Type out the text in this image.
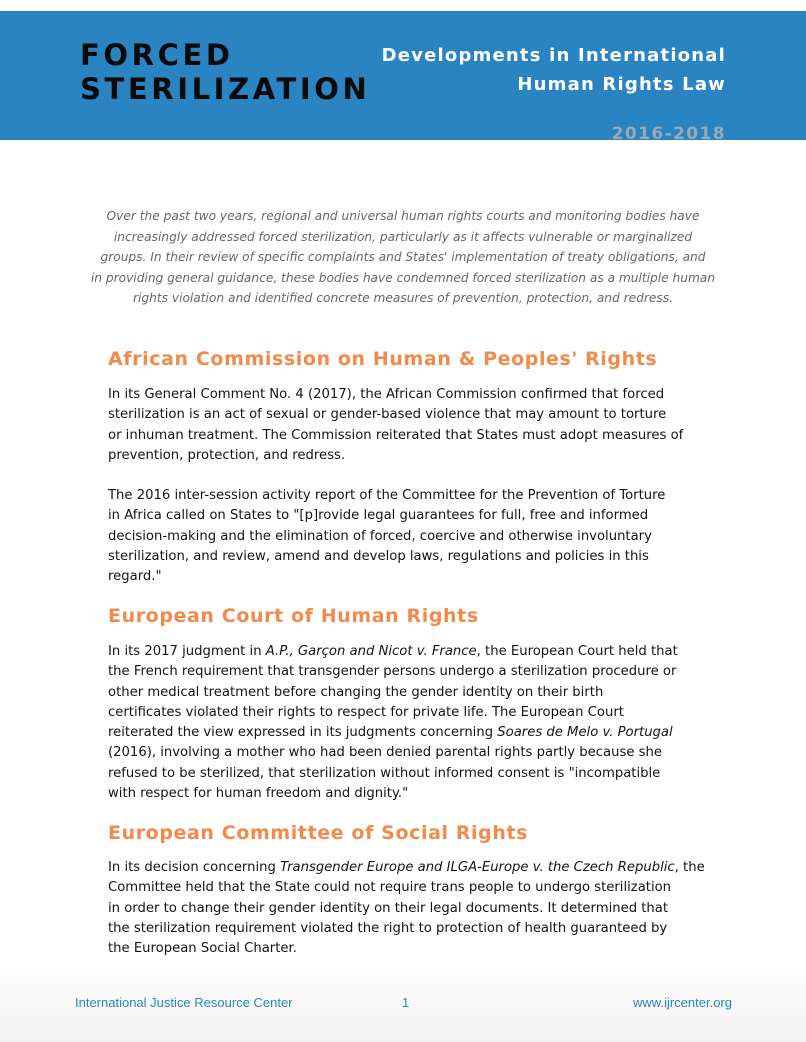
FORCED
STERILIZATION
Developments in International
Human Rights Law
2016-2018
Over the past two years, regional and universal human rights courts and monitoring bodies have
increasingly addressed forced sterilization, particularly as it affects vulnerable or marginalized
groups. In their review of specific complaints and States' implementation of treaty obligations, and
in providing general guidance, these bodies have condemned forced sterilization as a multiple human
rights violation and identified concrete measures of prevention, protection, and redress.
African Commission on Human & Peoples' Rights
In its General Comment No. 4 (2017), the African Commission confirmed that forced
sterilization is an act of sexual or gender-based violence that may amount to torture
or inhuman treatment. The Commission reiterated that States must adopt measures of
prevention, protection, and redress.
The 2016 inter-session activity report of the Committee for the Prevention of Torture
in Africa called on States to "[p]rovide legal guarantees for full, free and informed
decision-making and the elimination of forced, coercive and otherwise involuntary
sterilization, and review, amend and develop laws, regulations and policies in this
regard."
European Court of Human Rights
In its 2017 judgment in A.P., Garçon and Nicot v. France, the European Court held that
the French requirement that transgender persons undergo a sterilization procedure or
other medical treatment before changing the gender identity on their birth
certificates violated their rights to respect for private life. The European Court
reiterated the view expressed in its judgments concerning Soares de Melo v. Portugal
(2016), involving a mother who had been denied parental rights partly because she
refused to be sterilized, that sterilization without informed consent is "incompatible
with respect for human freedom and dignity."
European Committee of Social Rights
In its decision concerning Transgender Europe and ILGA-Europe v. the Czech Republic, the
Committee held that the State could not require trans people to undergo sterilization
in order to change their gender identity on their legal documents. It determined that
the sterilization requirement violated the right to protection of health guaranteed by
the European Social Charter.
International Justice Resource Center	1	www.ijrcenter.org
